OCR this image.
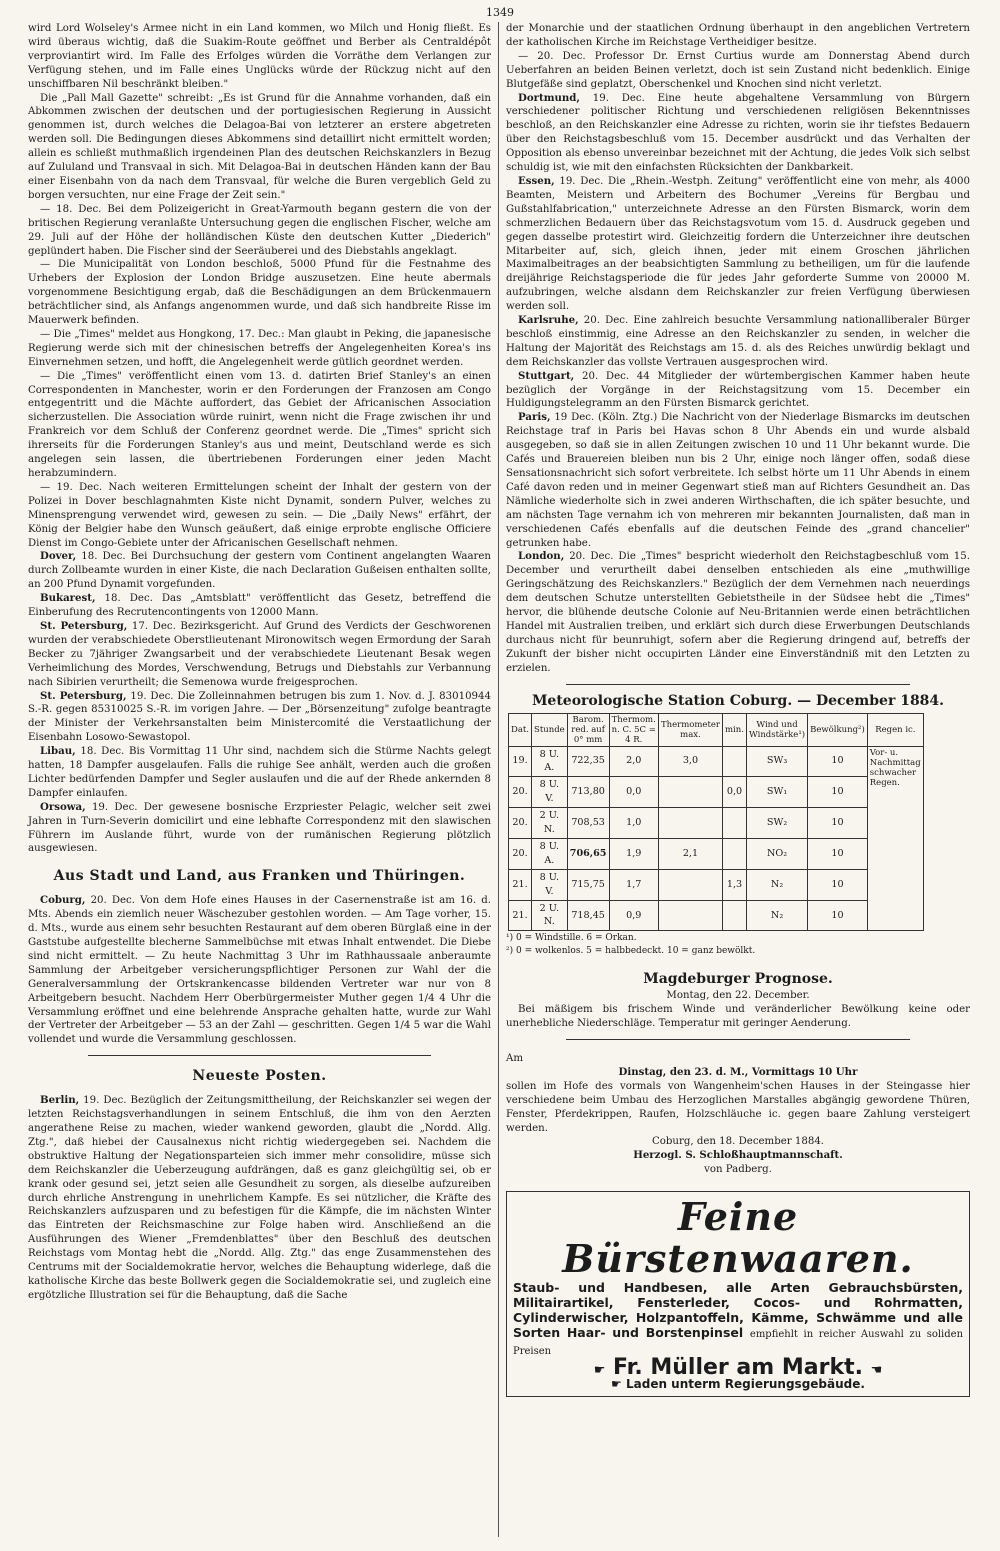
1349

wird Lord Wolseley's Armee nicht in ein Land kommen, wo Milch und Honig fließt. Es wird überaus wichtig, daß die Suakim-Route geöffnet und Berber als Centraldépôt verproviantirt wird. Im Falle des Erfolges würden die Vorräthe dem Verlangen zur Verfügung stehen, und im Falle eines Unglücks würde der Rückzug nicht auf den unschiffbaren Nil beschränkt bleiben."

Die „Pall Mall Gazette" schreibt: „Es ist Grund für die Annahme vorhanden, daß ein Abkommen zwischen der deutschen und der portugiesischen Regierung in Aussicht genommen ist, durch welches die Delagoa-Bai von letzterer an erstere abgetreten werden soll. Die Bedingungen dieses Abkommens sind detaillirt nicht ermittelt worden; allein es schließt muthmaßlich irgendeinen Plan des deutschen Reichskanzlers in Bezug auf Zululand und Transvaal in sich. Mit Delagoa-Bai in deutschen Händen kann der Bau einer Eisenbahn von da nach dem Transvaal, für welche die Buren vergeblich Geld zu borgen versuchten, nur eine Frage der Zeit sein."

— 18. Dec. Bei dem Polizeigericht in Great-Yarmouth begann gestern die von der britischen Regierung veranlaßte Untersuchung gegen die englischen Fischer, welche am 29. Juli auf der Höhe der holländischen Küste den deutschen Kutter „Diederich" geplündert haben. Die Fischer sind der Seeräuberei und des Diebstahls angeklagt.

— Die Municipalität von London beschloß, 5000 Pfund für die Festnahme des Urhebers der Explosion der London Bridge auszusetzen. Eine heute abermals vorgenommene Besichtigung ergab, daß die Beschädigungen an dem Brückenmauern beträchtlicher sind, als Anfangs angenommen wurde, und daß sich handbreite Risse im Mauerwerk befinden.

— Die „Times" meldet aus Hongkong, 17. Dec.: Man glaubt in Peking, die japanesische Regierung werde sich mit der chinesischen betreffs der Angelegenheiten Korea's ins Einvernehmen setzen, und hofft, die Angelegenheit werde gütlich geordnet werden.

— Die „Times" veröffentlicht einen vom 13. d. datirten Brief Stanley's an einen Correspondenten in Manchester, worin er den Forderungen der Franzosen am Congo entgegentritt und die Mächte auffordert, das Gebiet der Africanischen Association sicherzustellen. Die Association würde ruinirt, wenn nicht die Frage zwischen ihr und Frankreich vor dem Schluß der Conferenz geordnet werde. Die „Times" spricht sich ihrerseits für die Forderungen Stanley's aus und meint, Deutschland werde es sich angelegen sein lassen, die übertriebenen Forderungen einer jeden Macht herabzumindern.

— 19. Dec. Nach weiteren Ermittelungen scheint der Inhalt der gestern von der Polizei in Dover beschlagnahmten Kiste nicht Dynamit, sondern Pulver, welches zu Minensprengung verwendet wird, gewesen zu sein. — Die „Daily News" erfährt, der König der Belgier habe den Wunsch geäußert, daß einige erprobte englische Officiere Dienst im Congo-Gebiete unter der Africanischen Gesellschaft nehmen.

Dover, 18. Dec. Bei Durchsuchung der gestern vom Continent angelangten Waaren durch Zollbeamte wurden in einer Kiste, die nach Declaration Gußeisen enthalten sollte, an 200 Pfund Dynamit vorgefunden.

Bukarest, 18. Dec. Das „Amtsblatt" veröffentlicht das Gesetz, betreffend die Einberufung des Recrutencontingents von 12000 Mann.

St. Petersburg, 17. Dec. Bezirksgericht. Auf Grund des Verdicts der Geschworenen wurden der verabschiedete Oberstlieutenant Mironowitsch wegen Ermordung der Sarah Becker zu 7jähriger Zwangsarbeit und der verabschiedete Lieutenant Besak wegen Verheimlichung des Mordes, Verschwendung, Betrugs und Diebstahls zur Verbannung nach Sibirien verurtheilt; die Semenowa wurde freigesprochen.

St. Petersburg, 19. Dec. Die Zolleinnahmen betrugen bis zum 1. Nov. d. J. 83010944 S.-R. gegen 85310025 S.-R. im vorigen Jahre. — Der „Börsenzeitung" zufolge beantragte der Minister der Verkehrsanstalten beim Ministercomité die Verstaatlichung der Eisenbahn Losowo-Sewastopol.

Libau, 18. Dec. Bis Vormittag 11 Uhr sind, nachdem sich die Stürme Nachts gelegt hatten, 18 Dampfer ausgelaufen. Falls die ruhige See anhält, werden auch die großen Lichter bedürfenden Dampfer und Segler auslaufen und die auf der Rhede ankernden 8 Dampfer einlaufen.

Orsowa, 19. Dec. Der gewesene bosnische Erzpriester Pelagic, welcher seit zwei Jahren in Turn-Severin domicilirt und eine lebhafte Correspondenz mit den slawischen Führern im Auslande führt, wurde von der rumänischen Regierung plötzlich ausgewiesen.

Aus Stadt und Land, aus Franken und Thüringen.

Coburg, 20. Dec. Von dem Hofe eines Hauses in der Casernenstraße ist am 16. d. Mts. Abends ein ziemlich neuer Wäschezuber gestohlen worden. — Am Tage vorher, 15. d. Mts., wurde aus einem sehr besuchten Restaurant auf dem oberen Bürglaß eine in der Gaststube aufgestellte blecherne Sammelbüchse mit etwas Inhalt entwendet. Die Diebe sind nicht ermittelt. — Zu heute Nachmittag 3 Uhr im Rathhaussaale anberaumte Sammlung der Arbeitgeber versicherungspflichtiger Personen zur Wahl der die Generalversammlung der Ortskrankencasse bildenden Vertreter war nur von 8 Arbeitgebern besucht. Nachdem Herr Oberbürgermeister Muther gegen 1/4 4 Uhr die Versammlung eröffnet und eine belehrende Ansprache gehalten hatte, wurde zur Wahl der Vertreter der Arbeitgeber — 53 an der Zahl — geschritten. Gegen 1/4 5 war die Wahl vollendet und wurde die Versammlung geschlossen.

Neueste Posten.

Berlin, 19. Dec. Bezüglich der Zeitungsmittheilung, der Reichskanzler sei wegen der letzten Reichstagsverhandlungen in seinem Entschluß, die ihm von den Aerzten angerathene Reise zu machen, wieder wankend geworden, glaubt die „Nordd. Allg. Ztg.", daß hiebei der Causalnexus nicht richtig wiedergegeben sei. Nachdem die obstruktive Haltung der Negationsparteien sich immer mehr consolidire, müsse sich dem Reichskanzler die Ueberzeugung aufdrängen, daß es ganz gleichgültig sei, ob er krank oder gesund sei, jetzt seien alle Gesundheit zu sorgen, als dieselbe aufzureiben durch ehrliche Anstrengung in unehrlichem Kampfe. Es sei nützlicher, die Kräfte des Reichskanzlers aufzusparen und zu befestigen für die Kämpfe, die im nächsten Winter das Eintreten der Reichsmaschine zur Folge haben wird. Anschließend an die Ausführungen des Wiener „Fremdenblattes" über den Beschluß des deutschen Reichstags vom Montag hebt die „Nordd. Allg. Ztg." das enge Zusammenstehen des Centrums mit der Socialdemokratie hervor, welches die Behauptung widerlege, daß die katholische Kirche das beste Bollwerk gegen die Socialdemokratie sei, und zugleich eine ergötzliche Illustration sei für die Behauptung, daß die Sache

der Monarchie und der staatlichen Ordnung überhaupt in den angeblichen Vertretern der katholischen Kirche im Reichstage Vertheidiger besitze.

— 20. Dec. Professor Dr. Ernst Curtius wurde am Donnerstag Abend durch Ueberfahren an beiden Beinen verletzt, doch ist sein Zustand nicht bedenklich. Einige Blutgefäße sind geplatzt, Oberschenkel und Knochen sind nicht verletzt.

Dortmund, 19. Dec. Eine heute abgehaltene Versammlung von Bürgern verschiedener politischer Richtung und verschiedenen religiösen Bekenntnisses beschloß, an den Reichskanzler eine Adresse zu richten, worin sie ihr tiefstes Bedauern über den Reichstagsbeschluß vom 15. December ausdrückt und das Verhalten der Opposition als ebenso unvereinbar bezeichnet mit der Achtung, die jedes Volk sich selbst schuldig ist, wie mit den einfachsten Rücksichten der Dankbarkeit.

Essen, 19. Dec. Die „Rhein.-Westph. Zeitung" veröffentlicht eine von mehr, als 4000 Beamten, Meistern und Arbeitern des Bochumer „Vereins für Bergbau und Gußstahlfabrication," unterzeichnete Adresse an den Fürsten Bismarck, worin dem schmerzlichen Bedauern über das Reichstagsvotum vom 15. d. Ausdruck gegeben und gegen dasselbe protestirt wird. Gleichzeitig fordern die Unterzeichner ihre deutschen Mitarbeiter auf, sich, gleich ihnen, jeder mit einem Groschen jährlichen Maximalbeitrages an der beabsichtigten Sammlung zu betheiligen, um für die laufende dreijährige Reichstagsperiode die für jedes Jahr geforderte Summe von 20000 M. aufzubringen, welche alsdann dem Reichskanzler zur freien Verfügung überwiesen werden soll.

Karlsruhe, 20. Dec. Eine zahlreich besuchte Versammlung nationalliberaler Bürger beschloß einstimmig, eine Adresse an den Reichskanzler zu senden, in welcher die Haltung der Majorität des Reichstags am 15. d. als des Reiches unwürdig beklagt und dem Reichskanzler das vollste Vertrauen ausgesprochen wird.

Stuttgart, 20. Dec. 44 Mitglieder der würtembergischen Kammer haben heute bezüglich der Vorgänge in der Reichstagsitzung vom 15. December ein Huldigungstelegramm an den Fürsten Bismarck gerichtet.

Paris, 19 Dec. (Köln. Ztg.) Die Nachricht von der Niederlage Bismarcks im deutschen Reichstage traf in Paris bei Havas schon 8 Uhr Abends ein und wurde alsbald ausgegeben, so daß sie in allen Zeitungen zwischen 10 und 11 Uhr bekannt wurde. Die Cafés und Brauereien bleiben nun bis 2 Uhr, einige noch länger offen, sodaß diese Sensationsnachricht sich sofort verbreitete. Ich selbst hörte um 11 Uhr Abends in einem Café davon reden und in meiner Gegenwart stieß man auf Richters Gesundheit an. Das Nämliche wiederholte sich in zwei anderen Wirthschaften, die ich später besuchte, und am nächsten Tage vernahm ich von mehreren mir bekannten Journalisten, daß man in verschiedenen Cafés ebenfalls auf die deutschen Feinde des „grand chancelier" getrunken habe.

London, 20. Dec. Die „Times" bespricht wiederholt den Reichstagbeschluß vom 15. December und verurtheilt dabei denselben entschieden als eine „muthwillige Geringschätzung des Reichskanzlers." Bezüglich der dem Vernehmen nach neuerdings dem deutschen Schutze unterstellten Gebietstheile in der Südsee hebt die „Times" hervor, die blühende deutsche Colonie auf Neu-Britannien werde einen beträchtlichen Handel mit Australien treiben, und erklärt sich durch diese Erwerbungen Deutschlands durchaus nicht für beunruhigt, sofern aber die Regierung dringend auf, betreffs der Zukunft der bisher nicht occupirten Länder eine Einverständniß mit den Letzten zu erzielen.

Meteorologische Station Coburg. — December 1884.
Dat.	Stunde	Barom. red. auf 0° mm	Thermom. n. C. 5C = 4 R.	Thermometer max.	min.	Wind und Windstärke¹)	Bewölkung²)	Regen ic.
19.	8 U. A.	722,35	2,0	3,0		SW₃	10	Vor- u. Nachmittag schwacher Regen.
20.	8 U. V.	713,80	0,0		0,0	SW₁	10	
20.	2 U. N.	708,53	1,0			SW₂	10	
20.	8 U. A.	706,65	1,9	2,1		NO₂	10	
21.	8 U. V.	715,75	1,7		1,3	N₂	10	
21.	2 U. N.	718,45	0,9			N₂	10	
¹) 0 = Windstille. 6 = Orkan.
²) 0 = wolkenlos. 5 = halbbedeckt. 10 = ganz bewölkt.
Magdeburger Prognose.
Montag, den 22. December.

Bei mäßigem bis frischem Winde und veränderlicher Bewölkung keine oder unerhebliche Niederschläge. Temperatur mit geringer Aenderung.

Am

Dinstag, den 23. d. M., Vormittags 10 Uhr

sollen im Hofe des vormals von Wangenheim'schen Hauses in der Steingasse hier verschiedene beim Umbau des Herzoglichen Marstalles abgängig gewordene Thüren, Fenster, Pferdekrippen, Raufen, Holzschläuche ic. gegen baare Zahlung versteigert werden.

Coburg, den 18. December 1884.
Herzogl. S. Schloßhauptmannschaft.
von Padberg.
Feine Bürstenwaaren.
Staub- und Handbesen, alle Arten Gebrauchsbürsten, Militairartikel, Fensterleder, Cocos- und Rohrmatten, Cylinderwischer, Holzpantoffeln, Kämme, Schwämme und alle Sorten Haar- und Borstenpinsel empfiehlt in reicher Auswahl zu soliden Preisen
☛ Fr. Müller am Markt. ☚
☛ Laden unterm Regierungsgebäude.
